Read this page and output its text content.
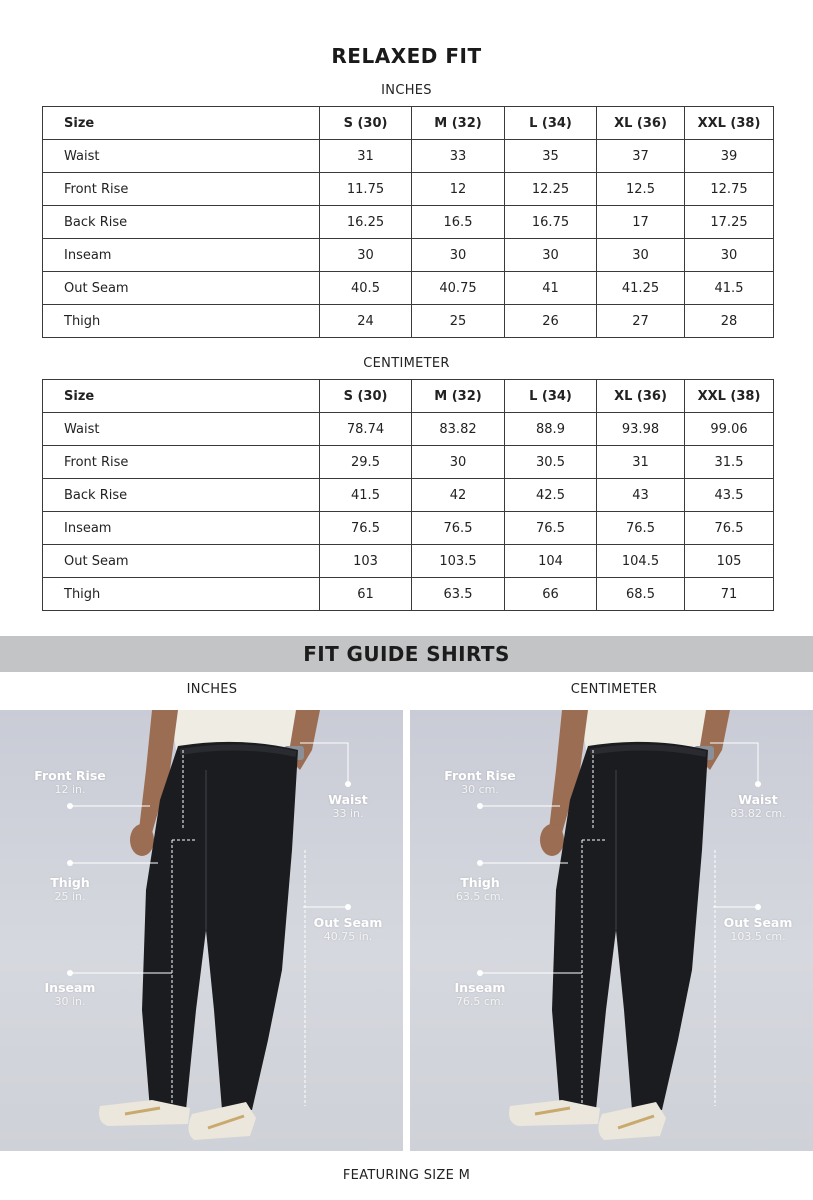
RELAXED FIT
INCHES
Size	S (30)	M (32)	L (34)	XL (36)	XXL (38)
Waist	31	33	35	37	39
Front Rise	11.75	12	12.25	12.5	12.75
Back Rise	16.25	16.5	16.75	17	17.25
Inseam	30	30	30	30	30
Out Seam	40.5	40.75	41	41.25	41.5
Thigh	24	25	26	27	28
CENTIMETER
Size	S (30)	M (32)	L (34)	XL (36)	XXL (38)
Waist	78.74	83.82	88.9	93.98	99.06
Front Rise	29.5	30	30.5	31	31.5
Back Rise	41.5	42	42.5	43	43.5
Inseam	76.5	76.5	76.5	76.5	76.5
Out Seam	103	103.5	104	104.5	105
Thigh	61	63.5	66	68.5	71
FIT GUIDE SHIRTS
INCHES	CENTIMETER
Front Rise
12 in.
Waist
33 in.
Thigh
25 in.
Out Seam
40.75 in.
Inseam
30 in.
Front Rise
30 cm.
Waist
83.82 cm.
Thigh
63.5 cm.
Out Seam
103.5 cm.
Inseam
76.5 cm.
FEATURING SIZE M
